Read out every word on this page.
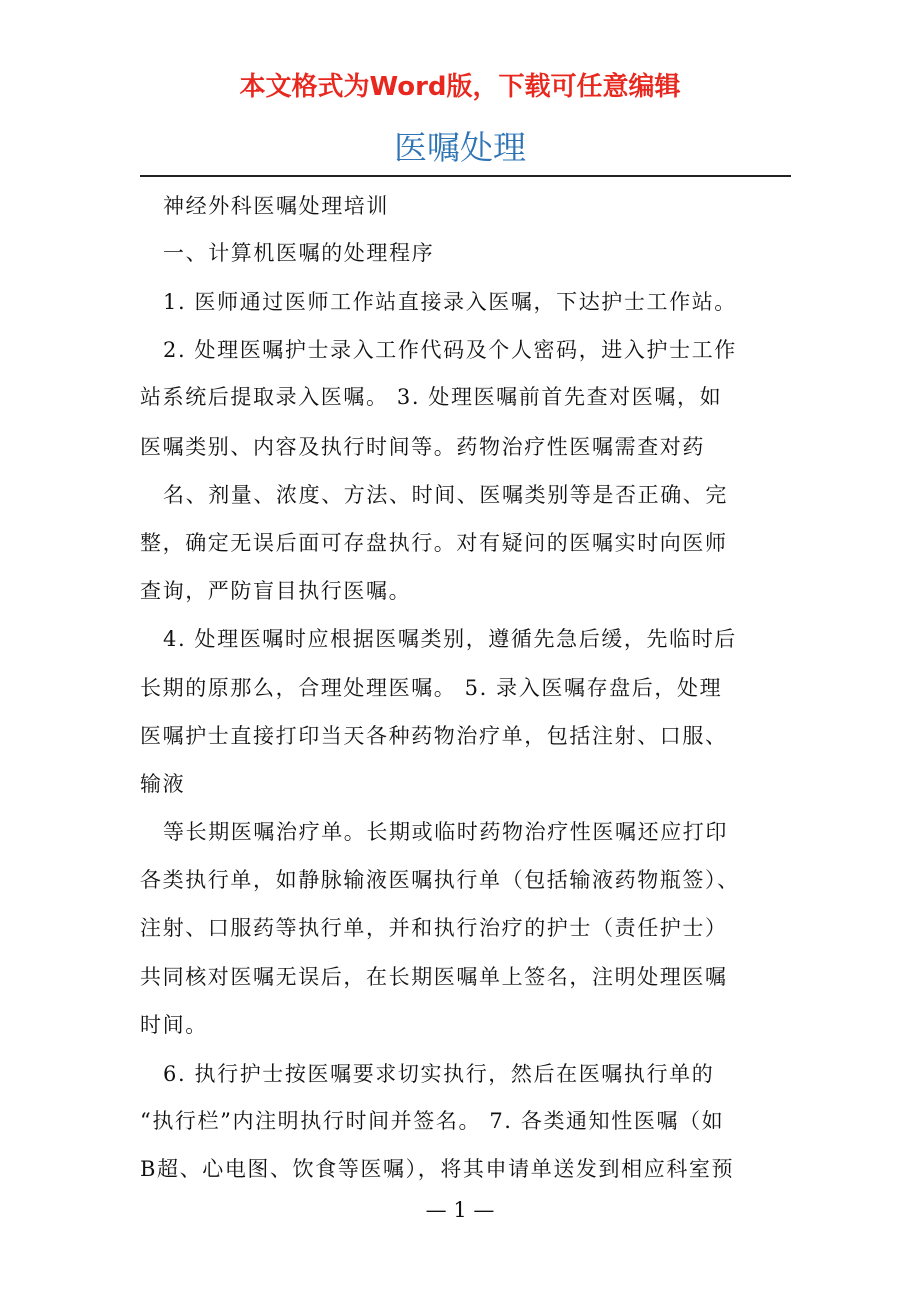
本文格式为Word版，下载可任意编辑
医嘱处理
神经外科医嘱处理培训
一、计算机医嘱的处理程序
1. 医师通过医师工作站直接录入医嘱，下达护士工作站。
2. 处理医嘱护士录入工作代码及个人密码，进入护士工作
站系统后提取录入医嘱。 3. 处理医嘱前首先查对医嘱，如
医嘱类别、内容及执行时间等。药物治疗性医嘱需查对药
名、剂量、浓度、方法、时间、医嘱类别等是否正确、完
整，确定无误后面可存盘执行。对有疑问的医嘱实时向医师
查询，严防盲目执行医嘱。
4. 处理医嘱时应根据医嘱类别，遵循先急后缓，先临时后
长期的原那么，合理处理医嘱。 5. 录入医嘱存盘后，处理
医嘱护士直接打印当天各种药物治疗单，包括注射、口服、
输液
等长期医嘱治疗单。长期或临时药物治疗性医嘱还应打印
各类执行单，如静脉输液医嘱执行单（包括输液药物瓶签）、
注射、口服药等执行单，并和执行治疗的护士（责任护士）
共同核对医嘱无误后，在长期医嘱单上签名，注明处理医嘱
时间。
6. 执行护士按医嘱要求切实执行，然后在医嘱执行单的
“执行栏”内注明执行时间并签名。 7. 各类通知性医嘱（如
B超、心电图、饮食等医嘱），将其申请单送发到相应科室预
— 1 —
